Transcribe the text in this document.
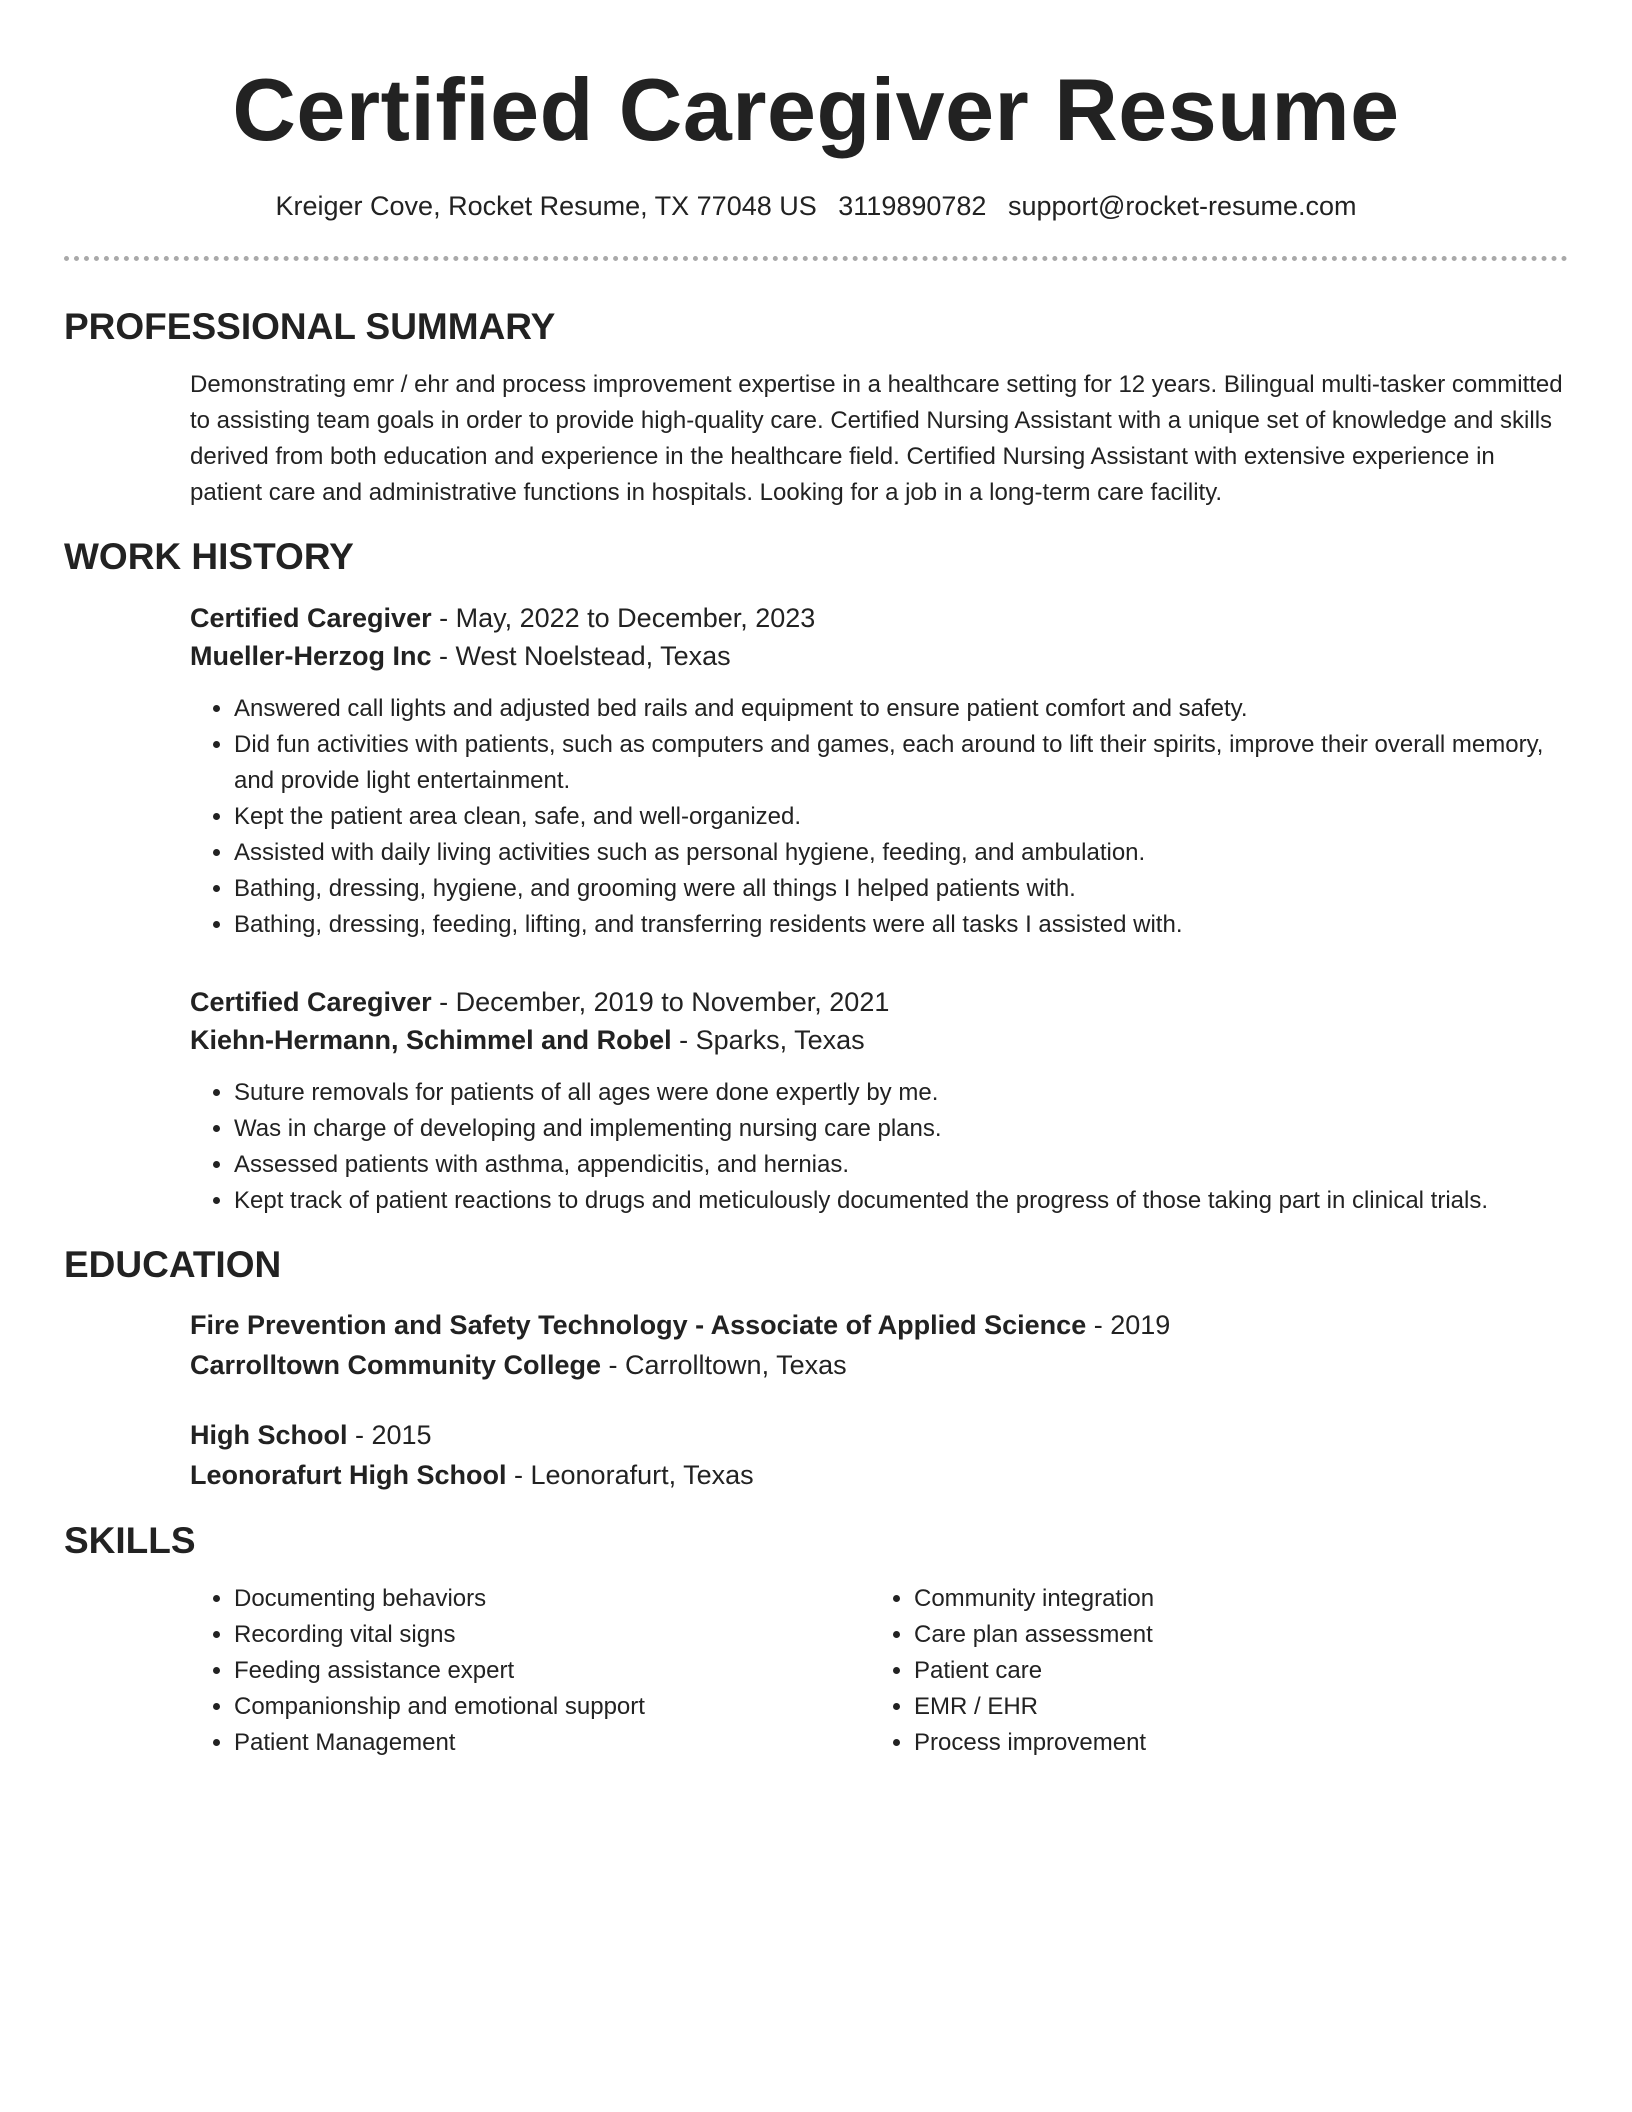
Certified Caregiver Resume
Kreiger Cove, Rocket Resume, TX 77048 US 3119890782 support@rocket-resume.com
PROFESSIONAL SUMMARY
Demonstrating emr / ehr and process improvement expertise in a healthcare setting for 12 years. Bilingual multi-tasker committed to assisting team goals in order to provide high-quality care. Certified Nursing Assistant with a unique set of knowledge and skills derived from both education and experience in the healthcare field. Certified Nursing Assistant with extensive experience in patient care and administrative functions in hospitals. Looking for a job in a long-term care facility.
WORK HISTORY
Certified Caregiver - May, 2022 to December, 2023
Mueller-Herzog Inc - West Noelstead, Texas
• Answered call lights and adjusted bed rails and equipment to ensure patient comfort and safety.
• Did fun activities with patients, such as computers and games, each around to lift their spirits, improve their overall memory, and provide light entertainment.
• Kept the patient area clean, safe, and well-organized.
• Assisted with daily living activities such as personal hygiene, feeding, and ambulation.
• Bathing, dressing, hygiene, and grooming were all things I helped patients with.
• Bathing, dressing, feeding, lifting, and transferring residents were all tasks I assisted with.
Certified Caregiver - December, 2019 to November, 2021
Kiehn-Hermann, Schimmel and Robel - Sparks, Texas
• Suture removals for patients of all ages were done expertly by me.
• Was in charge of developing and implementing nursing care plans.
• Assessed patients with asthma, appendicitis, and hernias.
• Kept track of patient reactions to drugs and meticulously documented the progress of those taking part in clinical trials.
EDUCATION
Fire Prevention and Safety Technology - Associate of Applied Science - 2019
Carrolltown Community College - Carrolltown, Texas
High School - 2015
Leonorafurt High School - Leonorafurt, Texas
SKILLS
• Documenting behaviors
• Recording vital signs
• Feeding assistance expert
• Companionship and emotional support
• Patient Management
• Community integration
• Care plan assessment
• Patient care
• EMR / EHR
• Process improvement
